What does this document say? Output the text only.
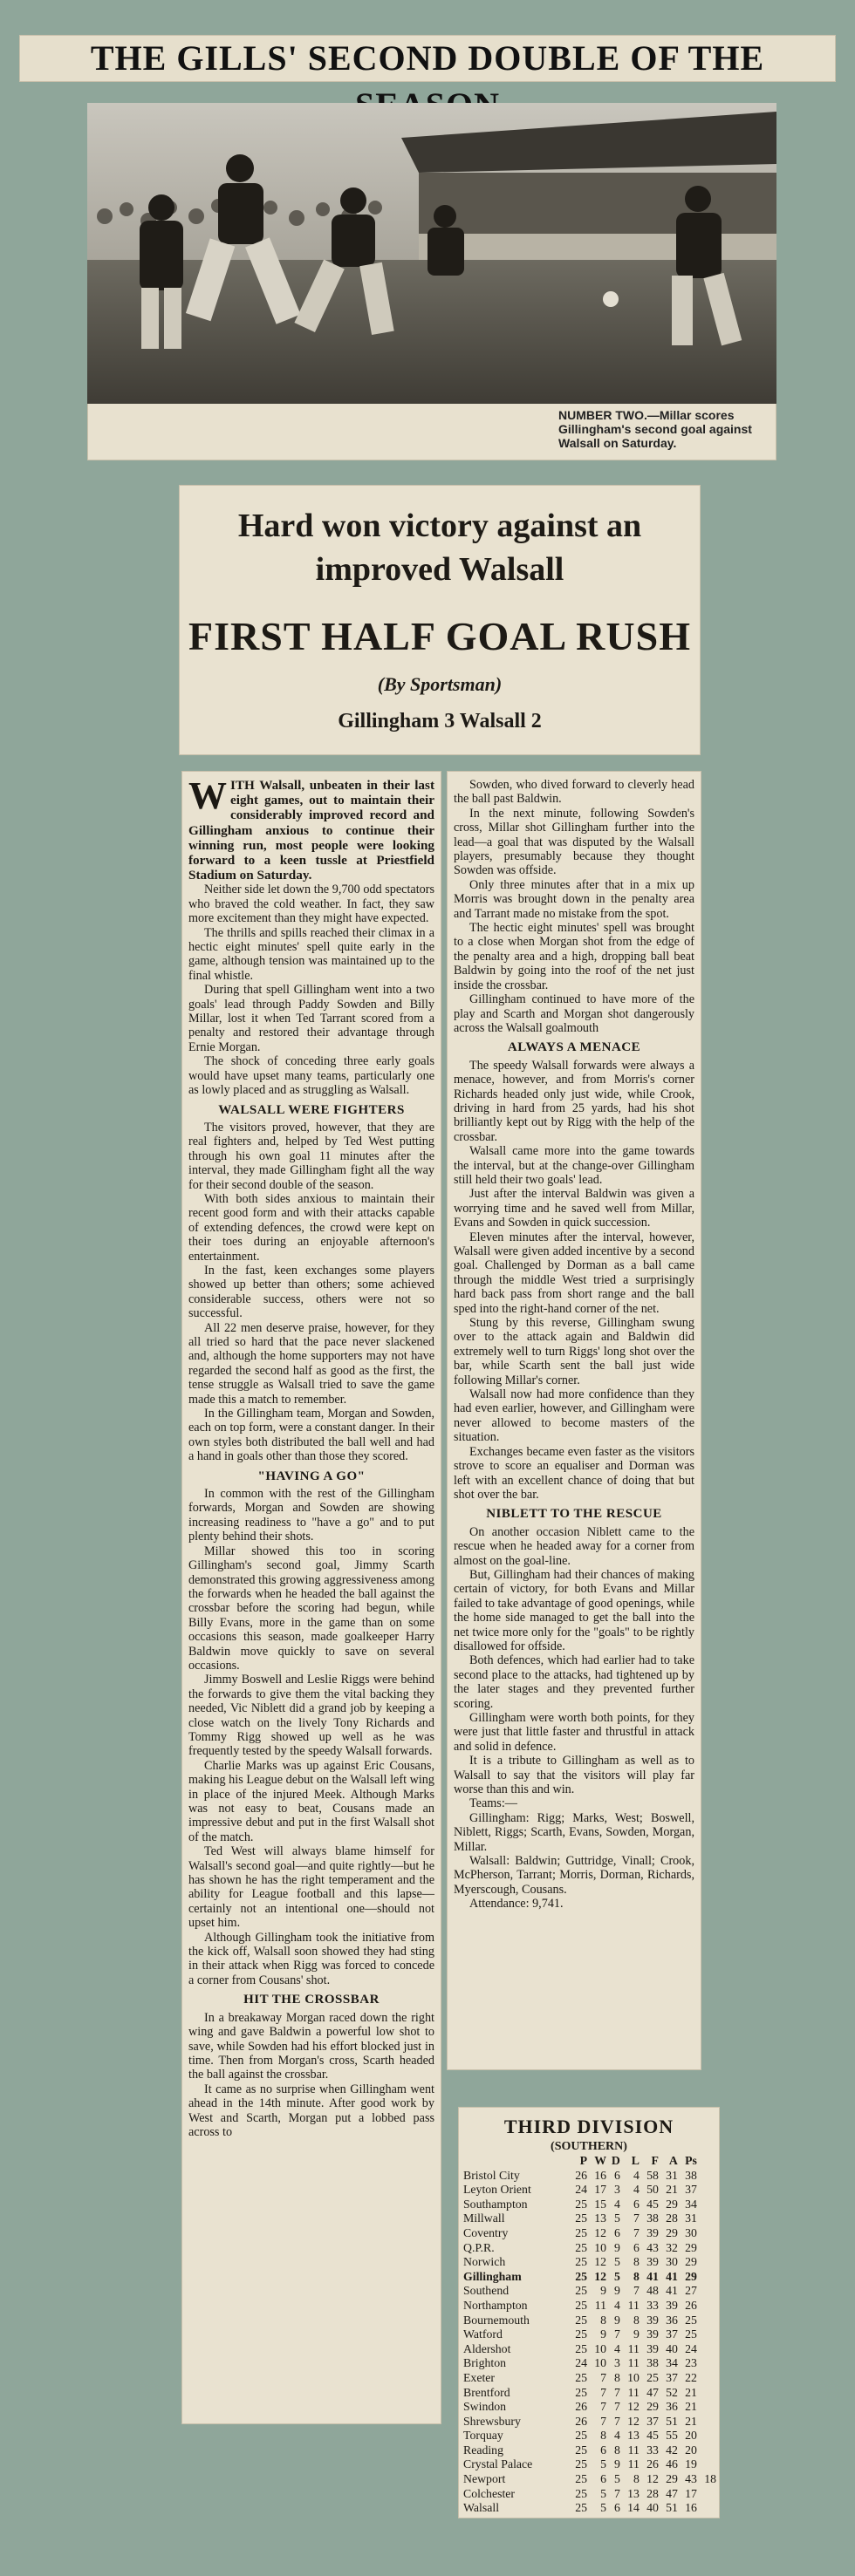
THE GILLS' SECOND DOUBLE OF THE
NUMBER TWO.—Millar scores Gillingham's second goal against Walsall on Saturday.
Hard won victory against an improved Walsall
FIRST HALF GOAL RUSH
(By Sportsman)
Gillingham 3 Walsall 2

WITH Walsall, unbeaten in their last eight games, out to maintain their considerably improved record and Gillingham anxious to continue their winning run, most people were looking forward to a keen tussle at Priestfield Stadium on Saturday.

Neither side let down the 9,700 odd spectators who braved the cold weather. In fact, they saw more excitement than they might have expected.

The thrills and spills reached their climax in a hectic eight minutes' spell quite early in the game, although tension was maintained up to the final whistle.

During that spell Gillingham went into a two goals' lead through Paddy Sowden and Billy Millar, lost it when Ted Tarrant scored from a penalty and restored their advantage through Ernie Morgan.

The shock of conceding three early goals would have upset many teams, particularly one as lowly placed and as struggling as Walsall.

WALSALL WERE FIGHTERS

The visitors proved, however, that they are real fighters and, helped by Ted West putting through his own goal 11 minutes after the interval, they made Gillingham fight all the way for their second double of the season.

With both sides anxious to maintain their recent good form and with their attacks capable of extending defences, the crowd were kept on their toes during an enjoyable afternoon's entertainment.

In the fast, keen exchanges some players showed up better than others; some achieved considerable success, others were not so successful.

All 22 men deserve praise, however, for they all tried so hard that the pace never slackened and, although the home supporters may not have regarded the second half as good as the first, the tense struggle as Walsall tried to save the game made this a match to remember.

In the Gillingham team, Morgan and Sowden, each on top form, were a constant danger. In their own styles both distributed the ball well and had a hand in goals other than those they scored.

"HAVING A GO"

In common with the rest of the Gillingham forwards, Morgan and Sowden are showing increasing readiness to "have a go" and to put plenty behind their shots.

Millar showed this too in scoring Gillingham's second goal, Jimmy Scarth demonstrated this growing aggressiveness among the forwards when he headed the ball against the crossbar before the scoring had begun, while Billy Evans, more in the game than on some occasions this season, made goalkeeper Harry Baldwin move quickly to save on several occasions.

Jimmy Boswell and Leslie Riggs were behind the forwards to give them the vital backing they needed, Vic Niblett did a grand job by keeping a close watch on the lively Tony Richards and Tommy Rigg showed up well as he was frequently tested by the speedy Walsall forwards.

Charlie Marks was up against Eric Cousans, making his League debut on the Walsall left wing in place of the injured Meek. Although Marks was not easy to beat, Cousans made an impressive debut and put in the first Walsall shot of the match.

Ted West will always blame himself for Walsall's second goal—and quite rightly—but he has shown he has the right temperament and the ability for League football and this lapse—certainly not an intentional one—should not upset him.

Although Gillingham took the initiative from the kick off, Walsall soon showed they had sting in their attack when Rigg was forced to concede a corner from Cousans' shot.

HIT THE CROSSBAR

In a breakaway Morgan raced down the right wing and gave Baldwin a powerful low shot to save, while Sowden had his effort blocked just in time. Then from Morgan's cross, Scarth headed the ball against the crossbar.

It came as no surprise when Gillingham went ahead in the 14th minute. After good work by West and Scarth, Morgan put a lobbed pass across to

Sowden, who dived forward to cleverly head the ball past Baldwin.

In the next minute, following Sowden's cross, Millar shot Gillingham further into the lead—a goal that was disputed by the Walsall players, presumably because they thought Sowden was offside.

Only three minutes after that in a mix up Morris was brought down in the penalty area and Tarrant made no mistake from the spot.

The hectic eight minutes' spell was brought to a close when Morgan shot from the edge of the penalty area and a high, dropping ball beat Baldwin by going into the roof of the net just inside the crossbar.

Gillingham continued to have more of the play and Scarth and Morgan shot dangerously across the Walsall goalmouth

ALWAYS A MENACE

The speedy Walsall forwards were always a menace, however, and from Morris's corner Richards headed only just wide, while Crook, driving in hard from 25 yards, had his shot brilliantly kept out by Rigg with the help of the crossbar.

Walsall came more into the game towards the interval, but at the change-over Gillingham still held their two goals' lead.

Just after the interval Baldwin was given a worrying time and he saved well from Millar, Evans and Sowden in quick succession.

Eleven minutes after the interval, however, Walsall were given added incentive by a second goal. Challenged by Dorman as a ball came through the middle West tried a surprisingly hard back pass from short range and the ball sped into the right-hand corner of the net.

Stung by this reverse, Gillingham swung over to the attack again and Baldwin did extremely well to turn Riggs' long shot over the bar, while Scarth sent the ball just wide following Millar's corner.

Walsall now had more confidence than they had even earlier, however, and Gillingham were never allowed to become masters of the situation.

Exchanges became even faster as the visitors strove to score an equaliser and Dorman was left with an excellent chance of doing that but shot over the bar.

NIBLETT TO THE RESCUE

On another occasion Niblett came to the rescue when he headed away for a corner from almost on the goal-line.

But, Gillingham had their chances of making certain of victory, for both Evans and Millar failed to take advantage of good openings, while the home side managed to get the ball into the net twice more only for the "goals" to be rightly disallowed for offside.

Both defences, which had earlier had to take second place to the attacks, had tightened up by the later stages and they prevented further scoring.

Gillingham were worth both points, for they were just that little faster and thrustful in attack and solid in defence.

It is a tribute to Gillingham as well as to Walsall to say that the visitors will play far worse than this and win.

Teams:—

Gillingham: Rigg; Marks, West; Boswell, Niblett, Riggs; Scarth, Evans, Sowden, Morgan, Millar.

Walsall: Baldwin; Guttridge, Vinall; Crook, McPherson, Tarrant; Morris, Dorman, Richards, Myerscough, Cousans.

Attendance: 9,741.

THIRD DIVISION
(SOUTHERN)
	P	W	D	L	F	A	Ps	
Bristol City	26	16	6	4	58	31	38	
Leyton Orient	24	17	3	4	50	21	37	
Southampton	25	15	4	6	45	29	34	
Millwall	25	13	5	7	38	28	31	
Coventry	25	12	6	7	39	29	30	
Q.P.R.	25	10	9	6	43	32	29	
Norwich	25	12	5	8	39	30	29	
Gillingham	25	12	5	8	41	41	29	
Southend	25	9	9	7	48	41	27	
Northampton	25	11	4	11	33	39	26	
Bournemouth	25	8	9	8	39	36	25	
Watford	25	9	7	9	39	37	25	
Aldershot	25	10	4	11	39	40	24	
Brighton	24	10	3	11	38	34	23	
Exeter	25	7	8	10	25	37	22	
Brentford	25	7	7	11	47	52	21	
Swindon	26	7	7	12	29	36	21	
Shrewsbury	26	7	7	12	37	51	21	
Torquay	25	8	4	13	45	55	20	
Reading	25	6	8	11	33	42	20	
Crystal Palace	25	5	9	11	26	46	19	
Newport	25	6	5	8	12	29	43	18
Colchester	25	5	7	13	28	47	17	
Walsall	25	5	6	14	40	51	16	
